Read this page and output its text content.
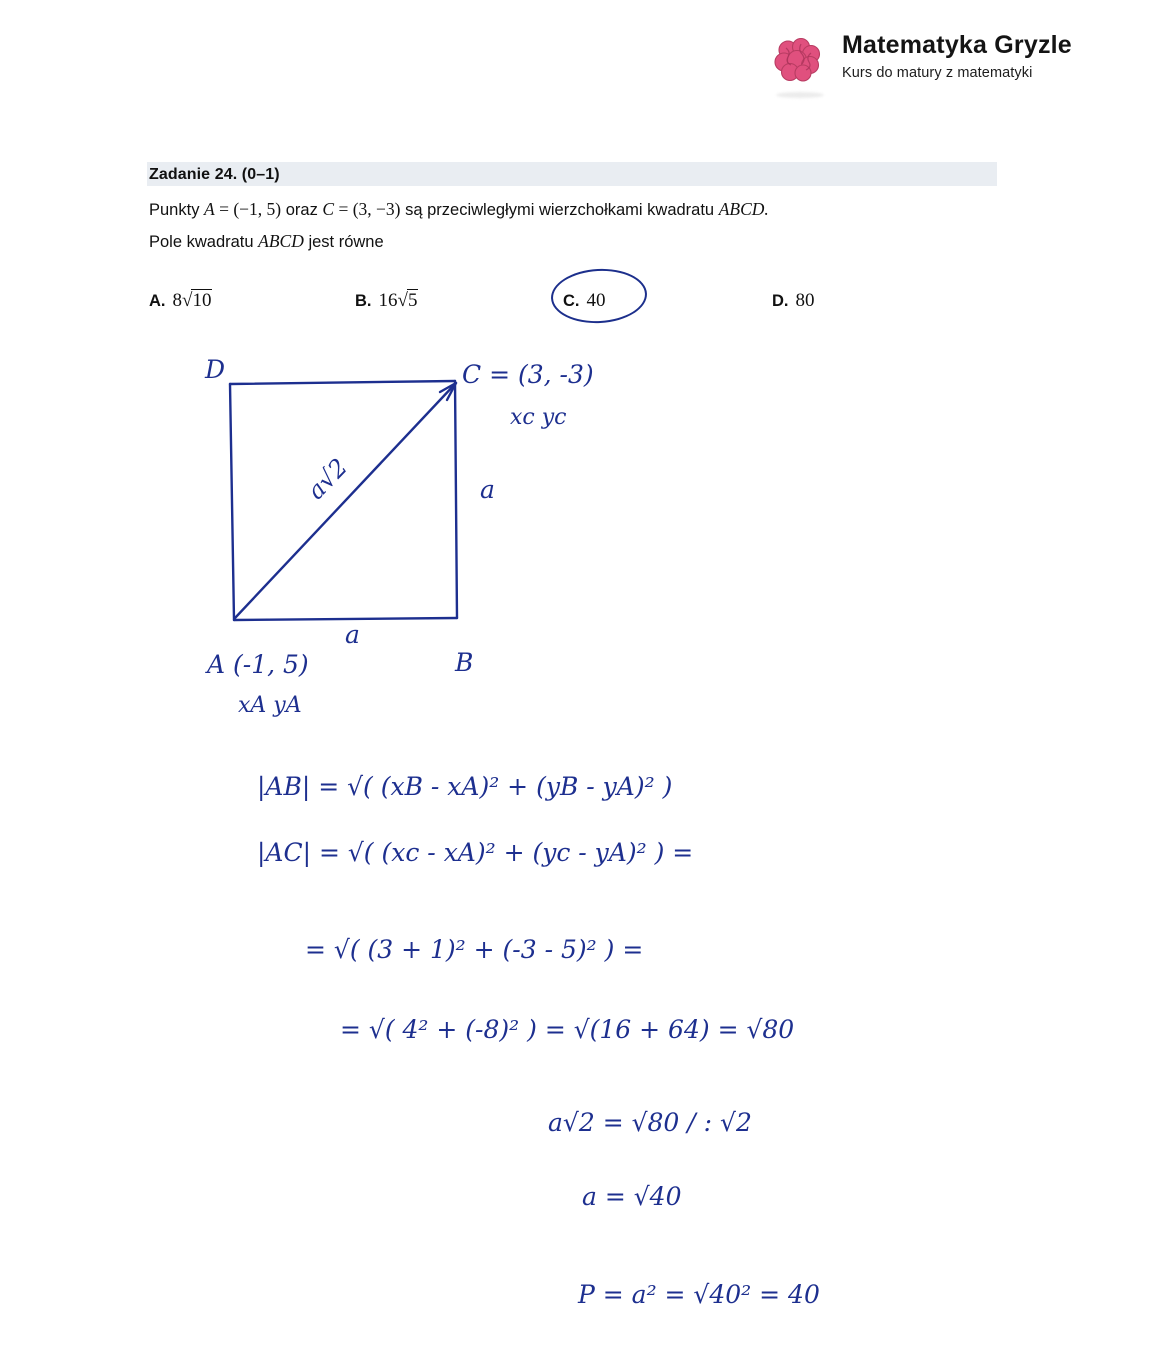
Matematyka Gryzle
Kurs do matury z matematyki
Zadanie 24. (0–1)
Punkty A = (−1, 5) oraz C = (3, −3) są przeciwległymi wierzchołkami kwadratu ABCD.
Pole kwadratu ABCD jest równe
A. 8√10	B. 16√5	C. 40	D. 80
D	C = (3, -3)
xc yc
B
A (-1, 5)
xA yA
a√2	a
a
|AB| = √( (xB - xA)² + (yB - yA)² )
|AC| = √( (xc - xA)² + (yc - yA)² ) =
= √( (3 + 1)² + (-3 - 5)² ) =
= √( 4² + (-8)² ) = √(16 + 64) = √80
a√2 = √80 / : √2
a = √40
P = a² = √40² = 40
